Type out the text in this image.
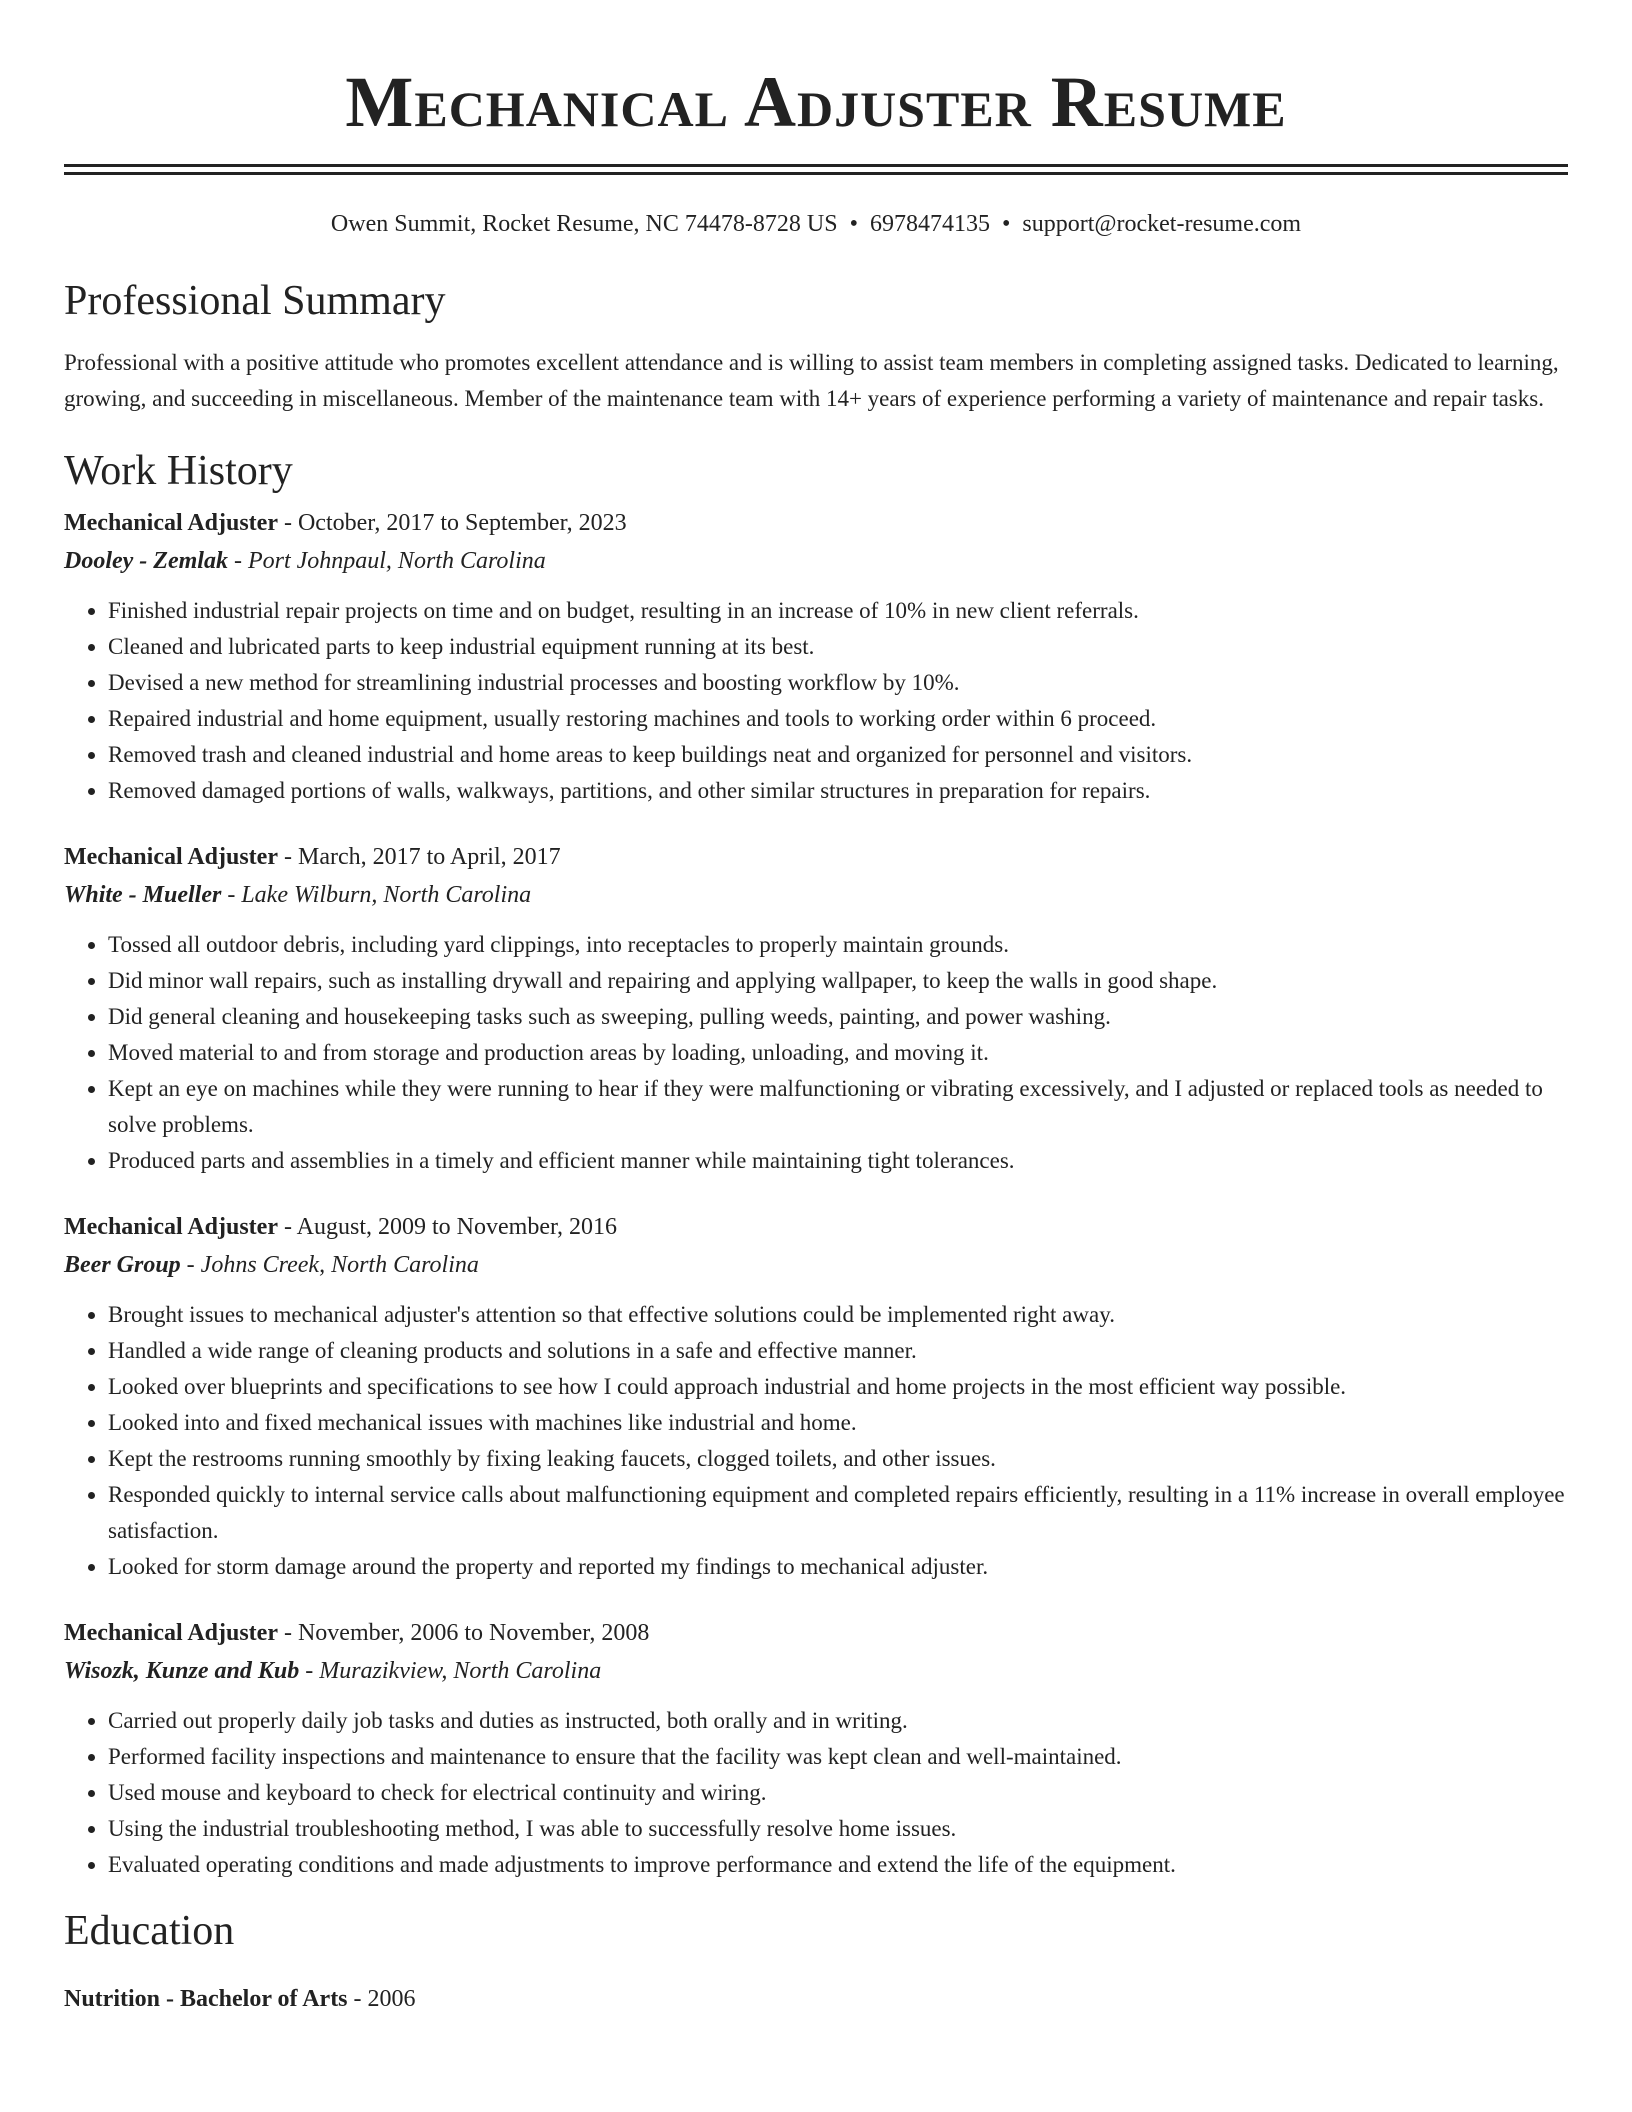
Mechanical Adjuster Resume
Owen Summit, Rocket Resume, NC 74478-8728 US • 6978474135 • support@rocket-resume.com
Professional Summary

Professional with a positive attitude who promotes excellent attendance and is willing to assist team members in completing assigned tasks. Dedicated to learning, growing, and succeeding in miscellaneous. Member of the maintenance team with 14+ years of experience performing a variety of maintenance and repair tasks.

Work History

Mechanical Adjuster - October, 2017 to September, 2023

Dooley - Zemlak - Port Johnpaul, North Carolina

• Finished industrial repair projects on time and on budget, resulting in an increase of 10% in new client referrals.
• Cleaned and lubricated parts to keep industrial equipment running at its best.
• Devised a new method for streamlining industrial processes and boosting workflow by 10%.
• Repaired industrial and home equipment, usually restoring machines and tools to working order within 6 proceed.
• Removed trash and cleaned industrial and home areas to keep buildings neat and organized for personnel and visitors.
• Removed damaged portions of walls, walkways, partitions, and other similar structures in preparation for repairs.

Mechanical Adjuster - March, 2017 to April, 2017

White - Mueller - Lake Wilburn, North Carolina

• Tossed all outdoor debris, including yard clippings, into receptacles to properly maintain grounds.
• Did minor wall repairs, such as installing drywall and repairing and applying wallpaper, to keep the walls in good shape.
• Did general cleaning and housekeeping tasks such as sweeping, pulling weeds, painting, and power washing.
• Moved material to and from storage and production areas by loading, unloading, and moving it.
• Kept an eye on machines while they were running to hear if they were malfunctioning or vibrating excessively, and I adjusted or replaced tools as needed to solve problems.
• Produced parts and assemblies in a timely and efficient manner while maintaining tight tolerances.

Mechanical Adjuster - August, 2009 to November, 2016

Beer Group - Johns Creek, North Carolina

• Brought issues to mechanical adjuster's attention so that effective solutions could be implemented right away.
• Handled a wide range of cleaning products and solutions in a safe and effective manner.
• Looked over blueprints and specifications to see how I could approach industrial and home projects in the most efficient way possible.
• Looked into and fixed mechanical issues with machines like industrial and home.
• Kept the restrooms running smoothly by fixing leaking faucets, clogged toilets, and other issues.
• Responded quickly to internal service calls about malfunctioning equipment and completed repairs efficiently, resulting in a 11% increase in overall employee satisfaction.
• Looked for storm damage around the property and reported my findings to mechanical adjuster.

Mechanical Adjuster - November, 2006 to November, 2008

Wisozk, Kunze and Kub - Murazikview, North Carolina

• Carried out properly daily job tasks and duties as instructed, both orally and in writing.
• Performed facility inspections and maintenance to ensure that the facility was kept clean and well-maintained.
• Used mouse and keyboard to check for electrical continuity and wiring.
• Using the industrial troubleshooting method, I was able to successfully resolve home issues.
• Evaluated operating conditions and made adjustments to improve performance and extend the life of the equipment.
Education

Nutrition - Bachelor of Arts - 2006
